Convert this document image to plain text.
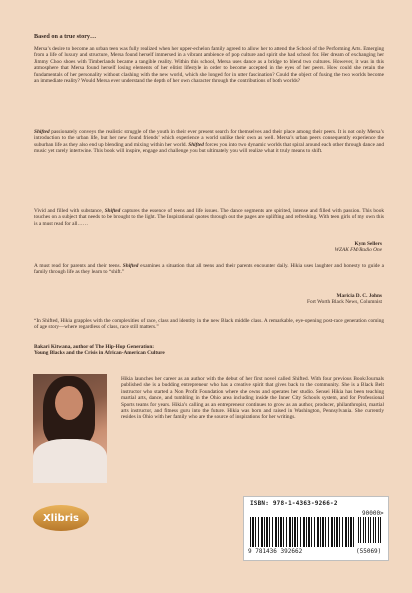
Based on a true story…
Mersa’s desire to become an urban teen was fully realized when her upper-echelon family agreed to allow her to attend the School of the Performing Arts. Emerging from a life of luxury and structure, Mersa found herself immersed in a vibrant ambience of pop culture and spirit she had school for. Her dream of exchanging her Jimmy Choo shoes with Timberlands became a tangible reality. Within this school, Mersa uses dance as a bridge to blend two cultures. However, it was in this atmosphere that Mersa found herself losing elements of her elitist lifestyle in order to become accepted in the eyes of her peers. How could she retain the fundamentals of her personality without clashing with the new world, which she longed for in utter fascination? Could the object of fusing the two worlds become an immediate reality? Would Mersa ever understand the depth of her own character through the contributions of both worlds?
Shifted passionately conveys the realistic struggle of the youth in their ever present search for themselves and their place among their peers. It is not only Mersa’s introduction to the urban life, but her new found friends’ which experience a world unlike their own as well. Mersa’s urban peers consequently experience the suburban life as they also end up blending and mixing within her world. Shifted forces you into two dynamic worlds that spiral around each other through dance and music yet rarely intertwine. This book will inspire, engage and challenge you but ultimately you will realize what it truly means to shift.
Vivid and filled with substance, Shifted captures the essence of teens and life issues. The dance segments are spirited, intense and filled with passion. This book touches on a subject that needs to be brought to the light. The Inspirational quotes through out the pages are uplifting and refreshing. With teen girls of my own this is a must read for all……
Kym Sellers
WZAK FM/Radio One
A must read for parents and their teens. Shifted examines a situation that all teens and their parents encounter daily. Hikia uses laughter and honesty to guide a family through life as they learn to “shift.”
Maricia D. C. Johns
Fort Worth Black News, Columnist
“In Shifted, Hikia grapples with the complexities of race, class and identity in the new Black middle class. A remarkable, eye-opening post-race generation coming of age story—where regardless of class, race still matters.”
Bakari Kitwana, author of The Hip-Hop Generation:
Young Blacks and the Crisis in African-American Culture
Hikia launches her career as an author with the debut of her first novel called Shifted. With four previous Book/Journals published she is a budding entrepreneur who has a creative spirit that gives back to the community. She is a Black Belt instructor who started a Non Profit Foundation where she owns and operates her studio. Sensei Hikia has been teaching martial arts, dance, and tumbling in the Ohio area including inside the Inner City Schools system, and for Professional Sports teams for years. Hikia’s calling as an entrepreneur continues to grow as an author, producer, philanthropist, martial arts instructor, and fitness guru into the future. Hikia was born and raised in Washington, Pennsylvania. She currently resides in Ohio with her family who are the source of inspirations for her writings.
Xlibris
ISBN: 978-1-4363-9266-2
90000>
9 781436 392662	(55069)
